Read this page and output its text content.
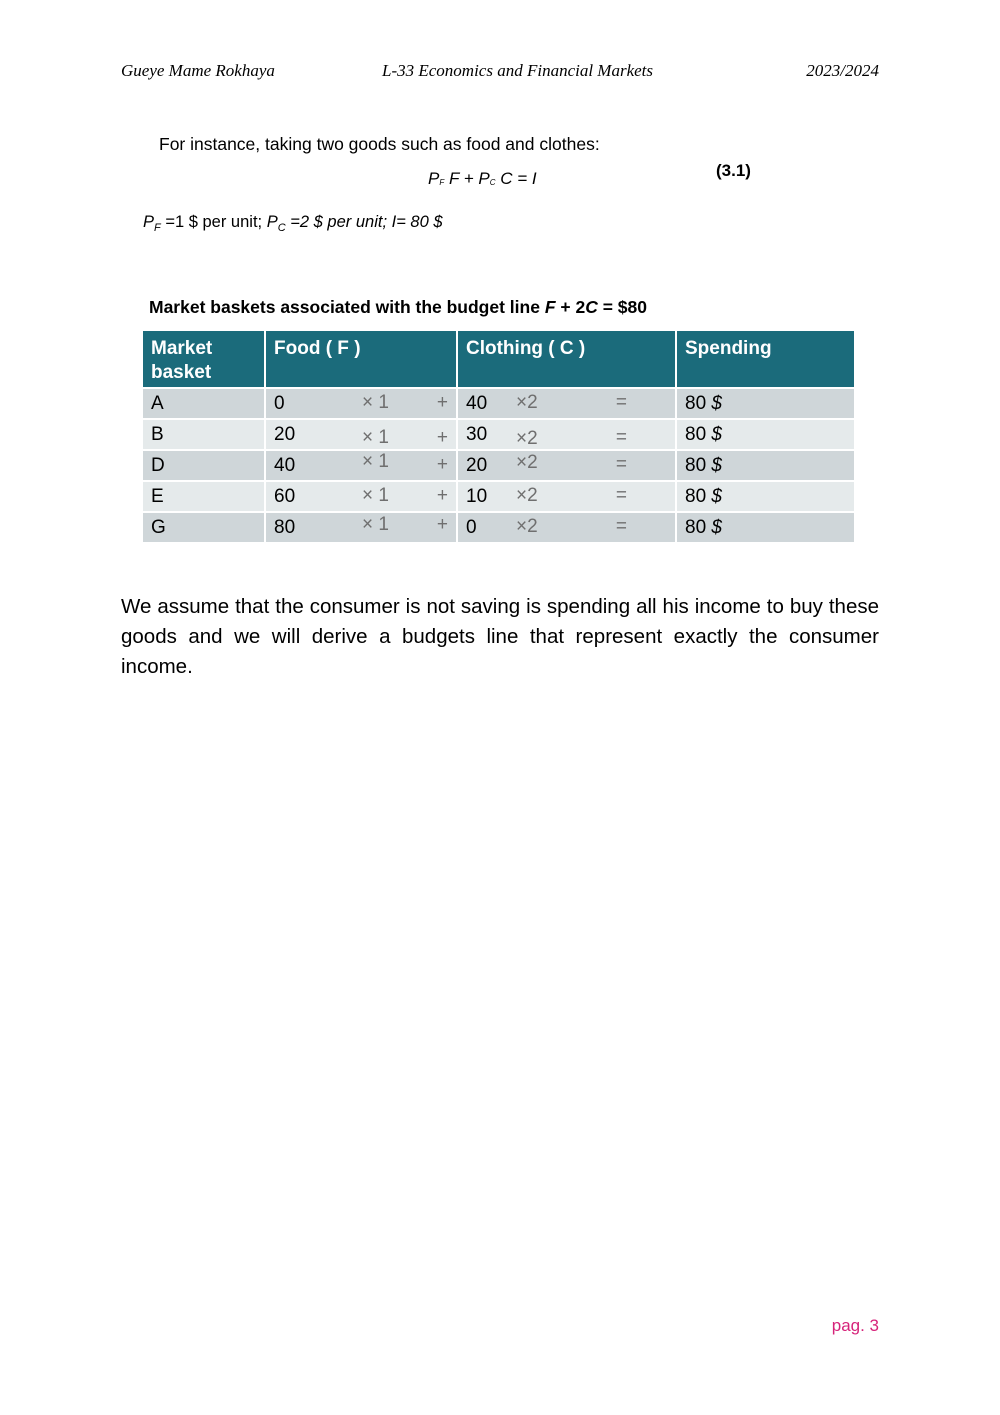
Gueye Mame Rokhaya	L-33 Economics and Financial Markets	2023/2024
For instance, taking two goods such as food and clothes:
PF F + PC C = I	(3.1)
$P_F =1$ $ per unit; $P_C =2$ $ per unit; I= 80 $
Market baskets associated with the budget line F + 2C = $80
Market basket	Food ( F )	Clothing ( C )	Spending
A	0 × 1 +	40 ×2 =	80 $
B	20 × 1 +	30 ×2 =	80 $
D	40 × 1 +	20 ×2 =	80 $
E	60 × 1 +	10 ×2 =	80 $
G	80 × 1 +	0 ×2 =	80 $
We assume that the consumer is not saving is spending all his income to buy these goods and we will derive a budgets line that represent exactly the consumer income.
pag. 3
